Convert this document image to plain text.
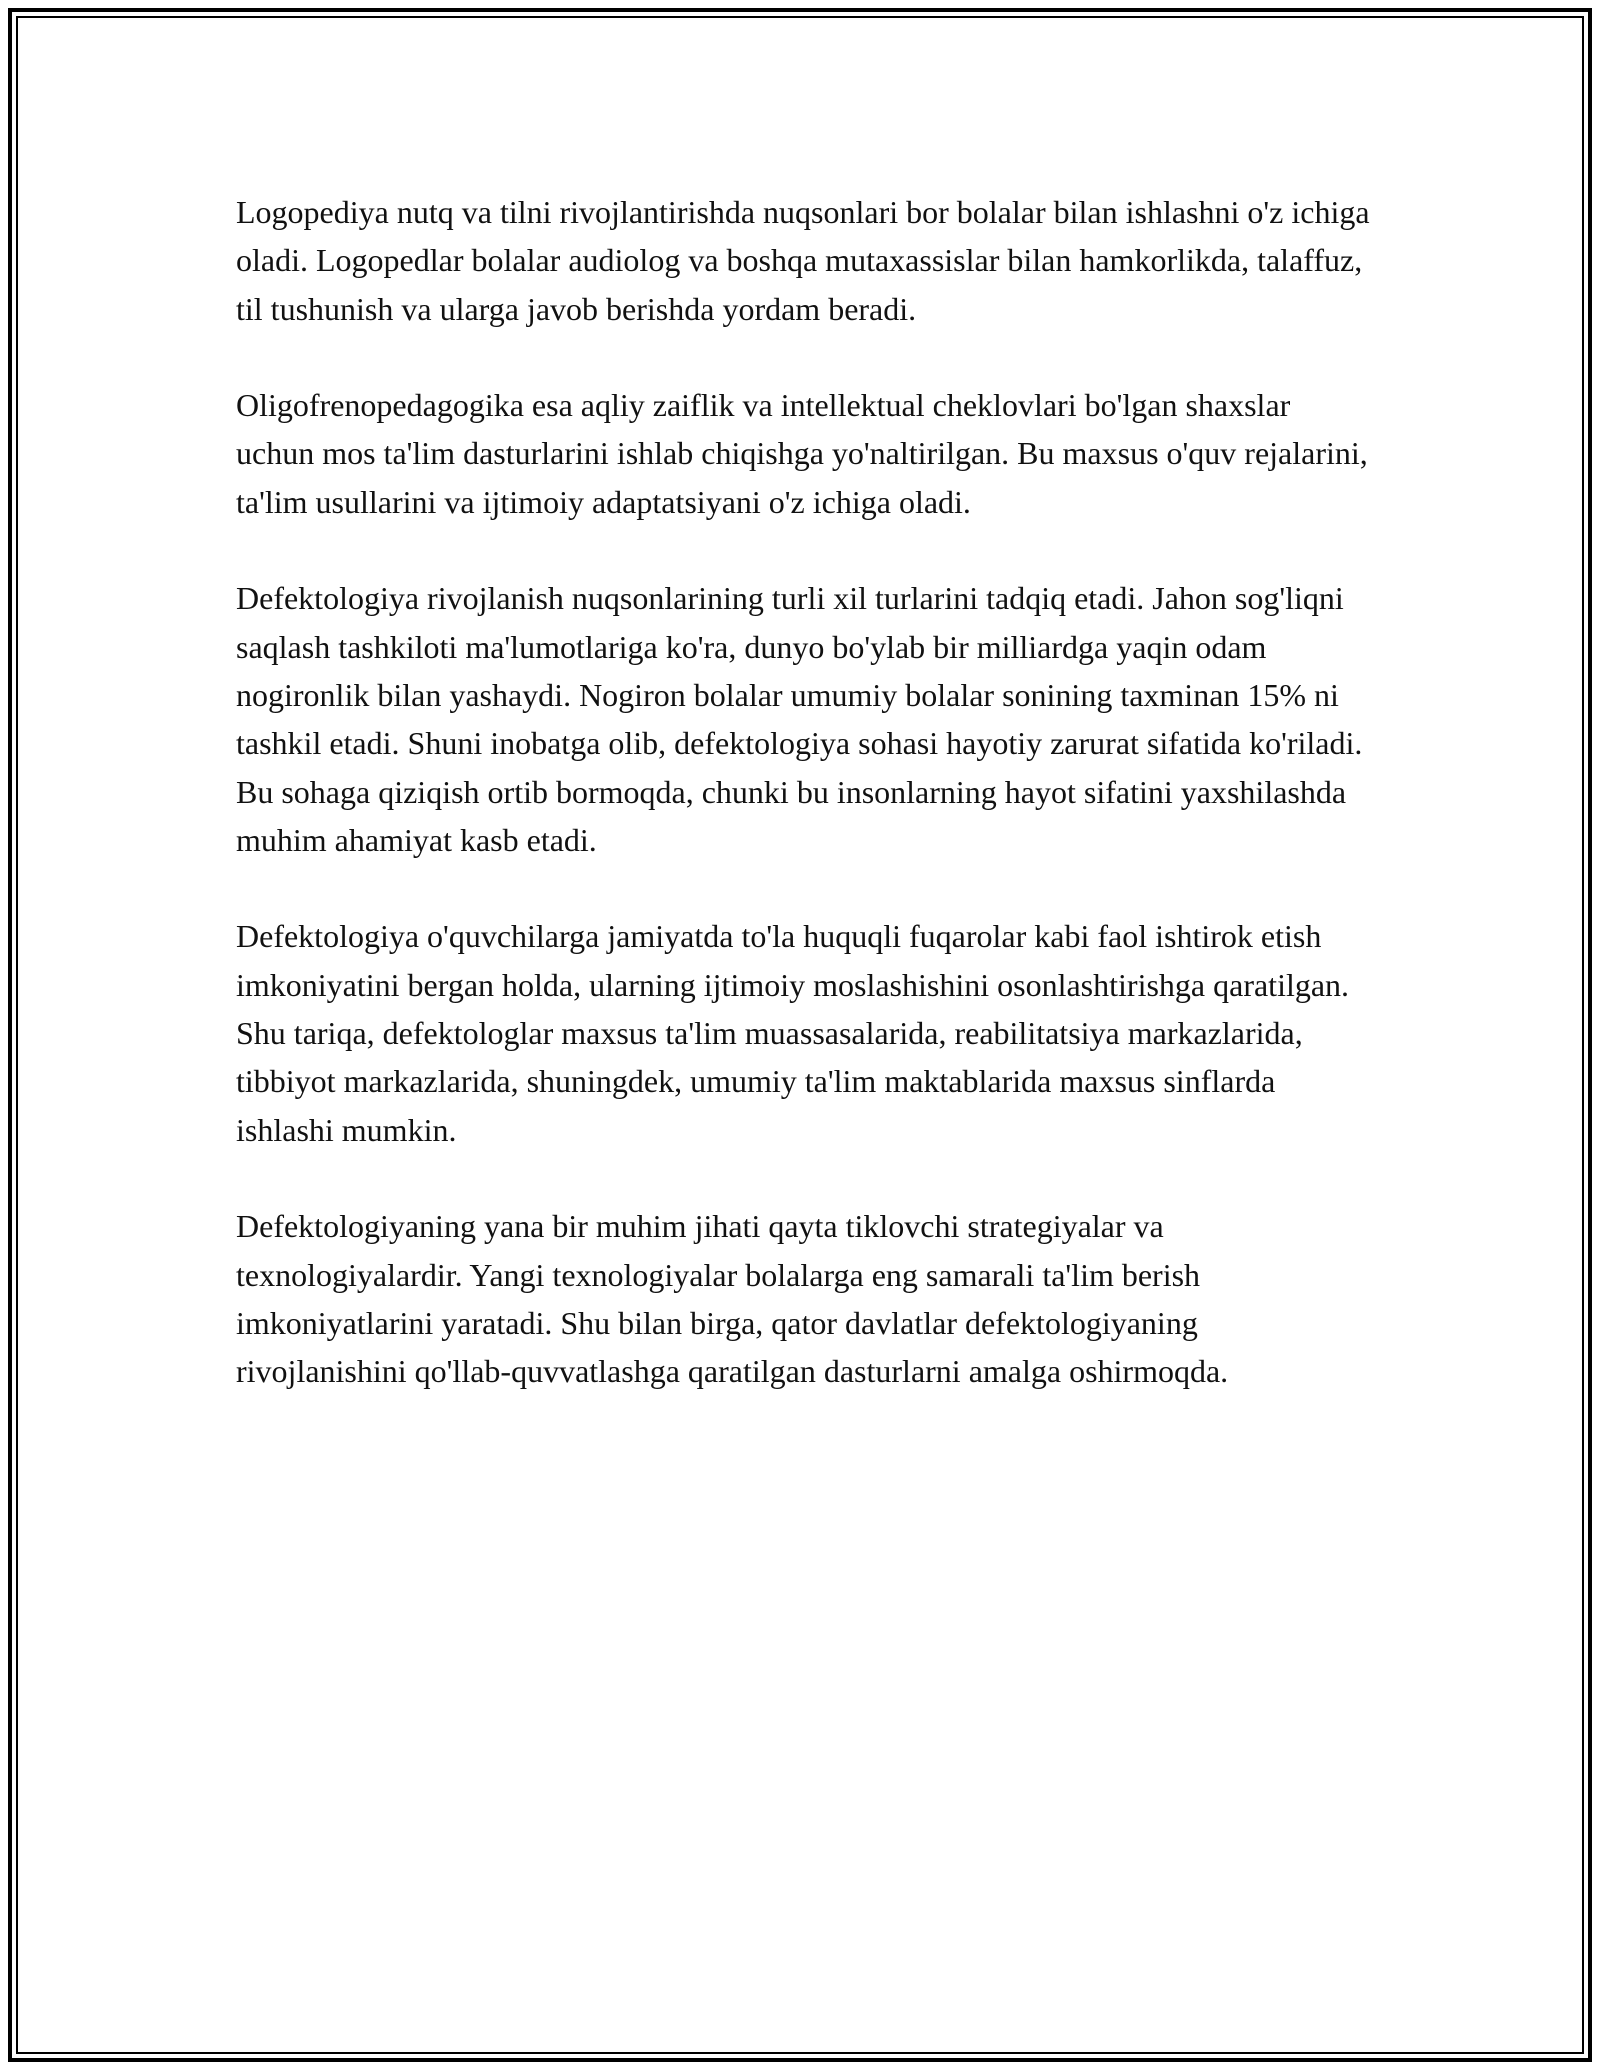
Logopediya nutq va tilni rivojlantirishda nuqsonlari bor bolalar bilan ishlashni o'z ichiga oladi. Logopedlar bolalar audiolog va boshqa mutaxassislar bilan hamkorlikda, talaffuz, til tushunish va ularga javob berishda yordam beradi.

Oligofrenopedagogika esa aqliy zaiflik va intellektual cheklovlari bo'lgan shaxslar uchun mos ta'lim dasturlarini ishlab chiqishga yo'naltirilgan. Bu maxsus o'quv rejalarini, ta'lim usullarini va ijtimoiy adaptatsiyani o'z ichiga oladi.

Defektologiya rivojlanish nuqsonlarining turli xil turlarini tadqiq etadi. Jahon sog'liqni saqlash tashkiloti ma'lumotlariga ko'ra, dunyo bo'ylab bir milliardga yaqin odam nogironlik bilan yashaydi. Nogiron bolalar umumiy bolalar sonining taxminan 15% ni tashkil etadi. Shuni inobatga olib, defektologiya sohasi hayotiy zarurat sifatida ko'riladi. Bu sohaga qiziqish ortib bormoqda, chunki bu insonlarning hayot sifatini yaxshilashda muhim ahamiyat kasb etadi.

Defektologiya o'quvchilarga jamiyatda to'la huquqli fuqarolar kabi faol ishtirok etish imkoniyatini bergan holda, ularning ijtimoiy moslashishini osonlashtirishga qaratilgan. Shu tariqa, defektologlar maxsus ta'lim muassasalarida, reabilitatsiya markazlarida, tibbiyot markazlarida, shuningdek, umumiy ta'lim maktablarida maxsus sinflarda ishlashi mumkin.

Defektologiyaning yana bir muhim jihati qayta tiklovchi strategiyalar va texnologiyalardir. Yangi texnologiyalar bolalarga eng samarali ta'lim berish imkoniyatlarini yaratadi. Shu bilan birga, qator davlatlar defektologiyaning rivojlanishini qo'llab-quvvatlashga qaratilgan dasturlarni amalga oshirmoqda.
